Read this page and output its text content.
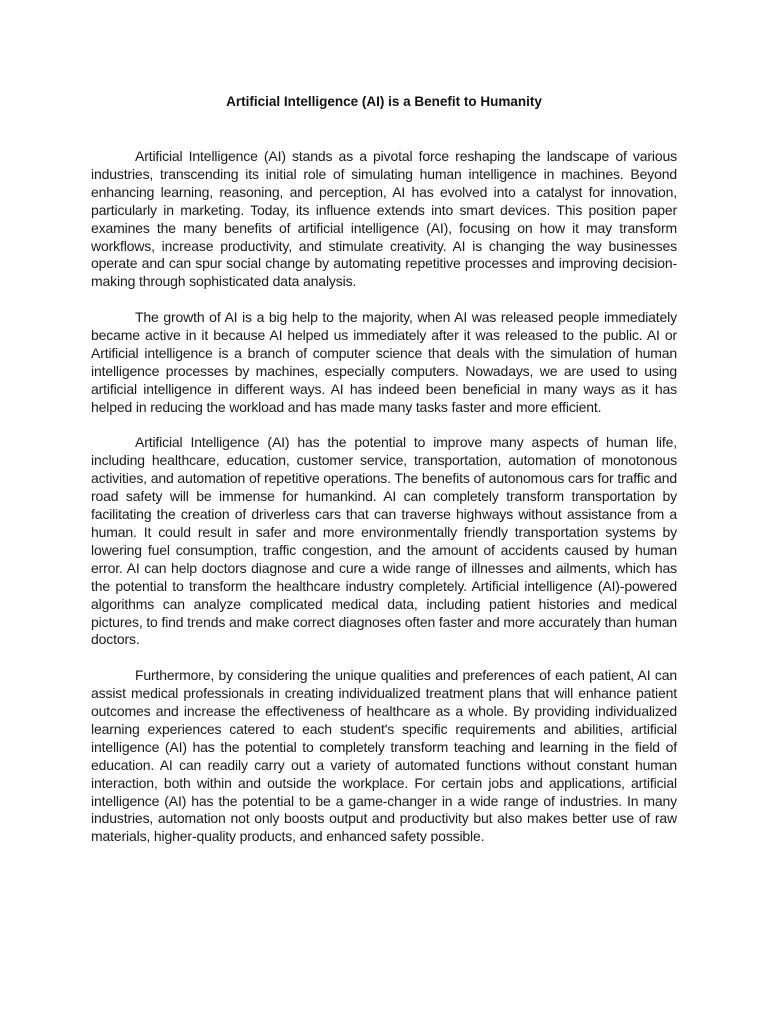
Artificial Intelligence (AI) is a Benefit to Humanity

Artificial Intelligence (AI) stands as a pivotal force reshaping the landscape of various industries, transcending its initial role of simulating human intelligence in machines. Beyond enhancing learning, reasoning, and perception, AI has evolved into a catalyst for innovation, particularly in marketing. Today, its influence extends into smart devices. This position paper examines the many benefits of artificial intelligence (AI), focusing on how it may transform workflows, increase productivity, and stimulate creativity. AI is changing the way businesses operate and can spur social change by automating repetitive processes and improving decision-making through sophisticated data analysis.

The growth of AI is a big help to the majority, when AI was released people immediately became active in it because AI helped us immediately after it was released to the public. AI or Artificial intelligence is a branch of computer science that deals with the simulation of human intelligence processes by machines, especially computers. Nowadays, we are used to using artificial intelligence in different ways. AI has indeed been beneficial in many ways as it has helped in reducing the workload and has made many tasks faster and more efficient.

Artificial Intelligence (AI) has the potential to improve many aspects of human life, including healthcare, education, customer service, transportation, automation of monotonous activities, and automation of repetitive operations. The benefits of autonomous cars for traffic and road safety will be immense for humankind. AI can completely transform transportation by facilitating the creation of driverless cars that can traverse highways without assistance from a human. It could result in safer and more environmentally friendly transportation systems by lowering fuel consumption, traffic congestion, and the amount of accidents caused by human error. AI can help doctors diagnose and cure a wide range of illnesses and ailments, which has the potential to transform the healthcare industry completely. Artificial intelligence (AI)-powered algorithms can analyze complicated medical data, including patient histories and medical pictures, to find trends and make correct diagnoses often faster and more accurately than human doctors.

Furthermore, by considering the unique qualities and preferences of each patient, AI can assist medical professionals in creating individualized treatment plans that will enhance patient outcomes and increase the effectiveness of healthcare as a whole. By providing individualized learning experiences catered to each student's specific requirements and abilities, artificial intelligence (AI) has the potential to completely transform teaching and learning in the field of education. AI can readily carry out a variety of automated functions without constant human interaction, both within and outside the workplace. For certain jobs and applications, artificial intelligence (AI) has the potential to be a game-changer in a wide range of industries. In many industries, automation not only boosts output and productivity but also makes better use of raw materials, higher-quality products, and enhanced safety possible.
